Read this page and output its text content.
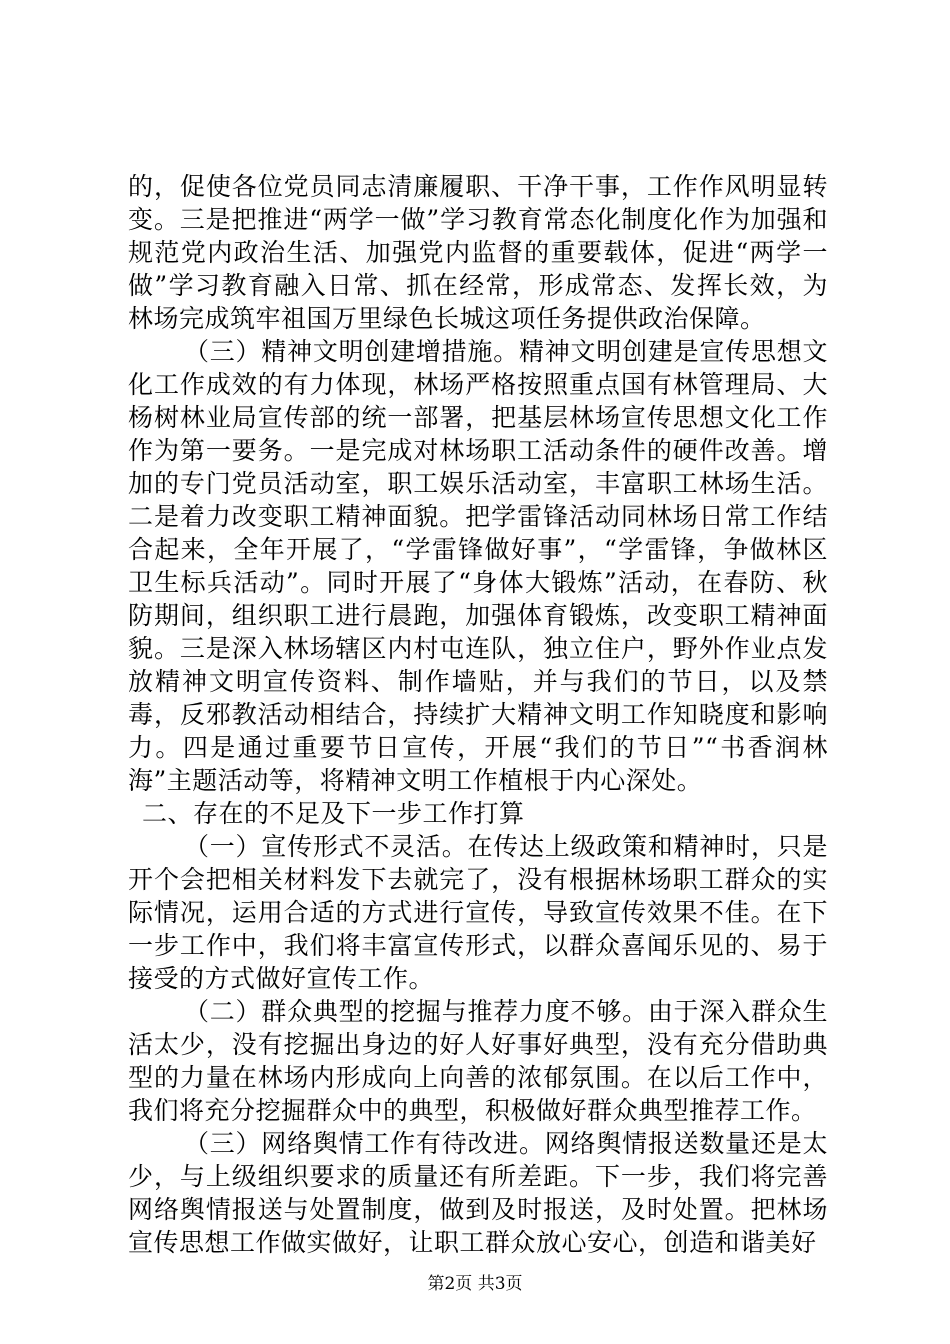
的，促使各位党员同志清廉履职、干净干事，工作作风明显转变。三是把推进“两学一做”学习教育常态化制度化作为加强和规范党内政治生活、加强党内监督的重要载体，促进“两学一做”学习教育融入日常、抓在经常，形成常态、发挥长效，为林场完成筑牢祖国万里绿色长城这项任务提供政治保障。

（三）精神文明创建增措施。精神文明创建是宣传思想文化工作成效的有力体现，林场严格按照重点国有林管理局、大杨树林业局宣传部的统一部署，把基层林场宣传思想文化工作作为第一要务。一是完成对林场职工活动条件的硬件改善。增加的专门党员活动室，职工娱乐活动室，丰富职工林场生活。二是着力改变职工精神面貌。把学雷锋活动同林场日常工作结合起来，全年开展了，“学雷锋做好事”，“学雷锋，争做林区卫生标兵活动”。同时开展了“身体大锻炼”活动，在春防、秋防期间，组织职工进行晨跑，加强体育锻炼，改变职工精神面貌。三是深入林场辖区内村屯连队，独立住户，野外作业点发放精神文明宣传资料、制作墙贴，并与我们的节日，以及禁毒，反邪教活动相结合，持续扩大精神文明工作知晓度和影响力。四是通过重要节日宣传，开展“我们的节日”“书香润林海”主题活动等，将精神文明工作植根于内心深处。

二、存在的不足及下一步工作打算

（一）宣传形式不灵活。在传达上级政策和精神时，只是开个会把相关材料发下去就完了，没有根据林场职工群众的实际情况，运用合适的方式进行宣传，导致宣传效果不佳。在下一步工作中，我们将丰富宣传形式，以群众喜闻乐见的、易于接受的方式做好宣传工作。

（二）群众典型的挖掘与推荐力度不够。由于深入群众生活太少，没有挖掘出身边的好人好事好典型，没有充分借助典型的力量在林场内形成向上向善的浓郁氛围。在以后工作中，我们将充分挖掘群众中的典型，积极做好群众典型推荐工作。

（三）网络舆情工作有待改进。网络舆情报送数量还是太少，与上级组织要求的质量还有所差距。下一步，我们将完善网络舆情报送与处置制度，做到及时报送，及时处置。把林场宣传思想工作做实做好，让职工群众放心安心，创造和谐美好

第2页 共3页
